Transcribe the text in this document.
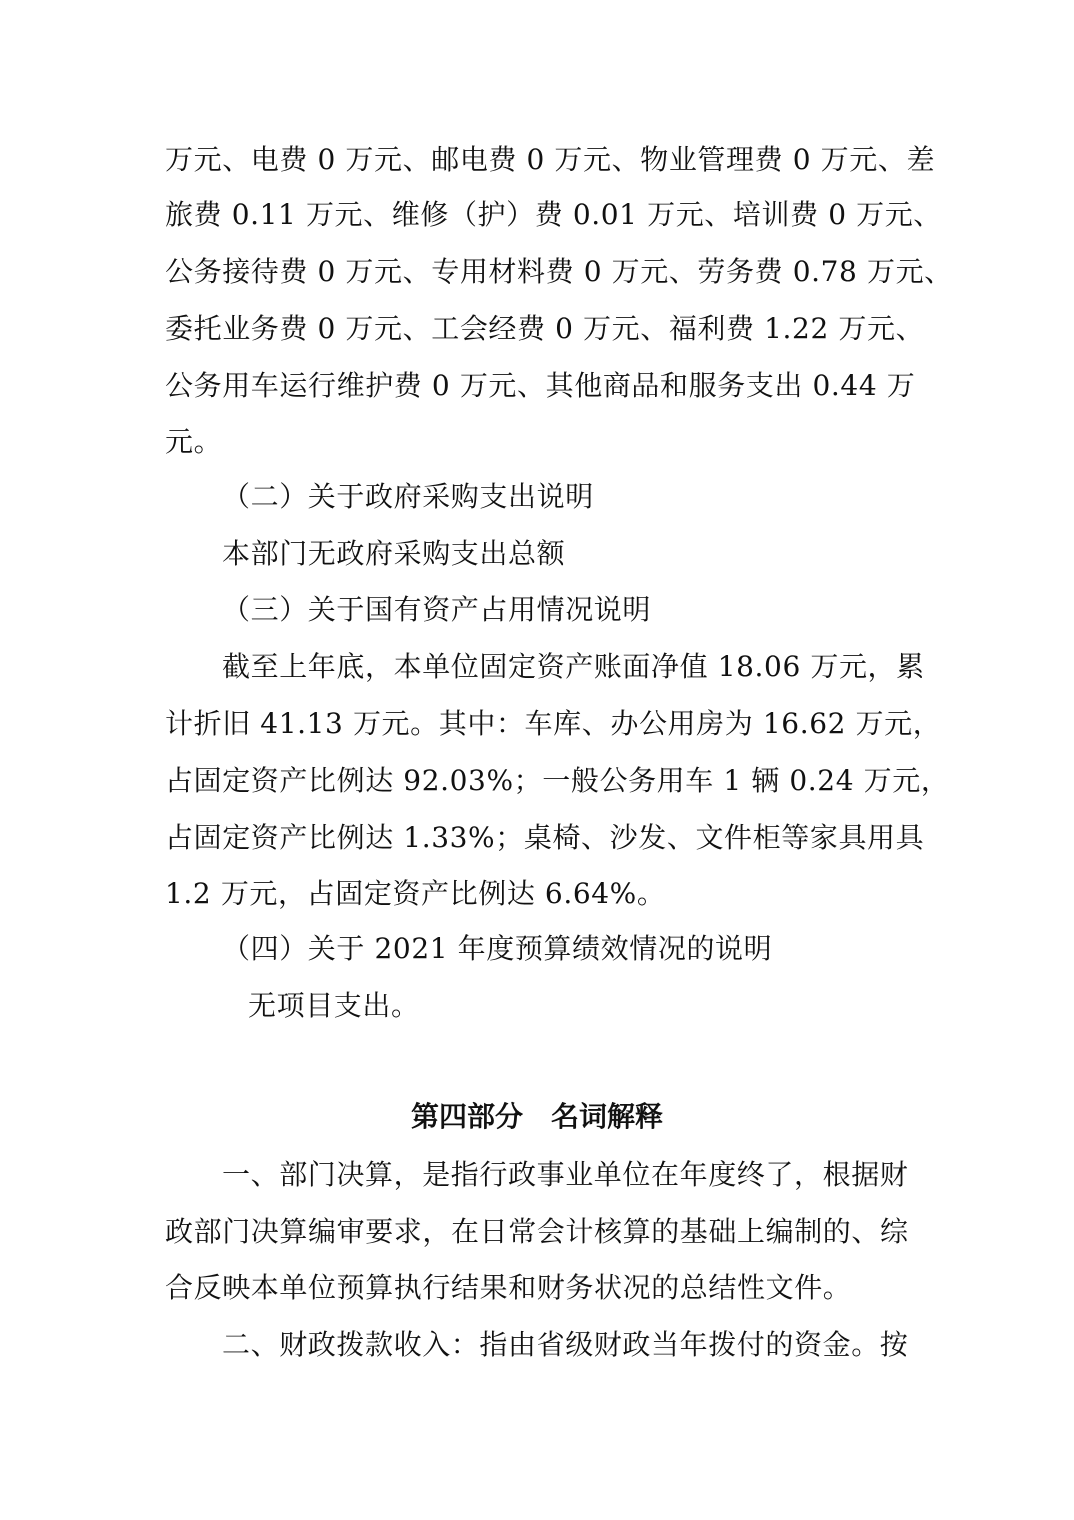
万元、电费 0 万元、邮电费 0 万元、物业管理费 0 万元、差
旅费 0.11 万元、维修（护）费 0.01 万元、培训费 0 万元、
公务接待费 0 万元、专用材料费 0 万元、劳务费 0.78 万元、
委托业务费 0 万元、工会经费 0 万元、福利费 1.22 万元、
公务用车运行维护费 0 万元、其他商品和服务支出 0.44 万
元。
（二）关于政府采购支出说明
本部门无政府采购支出总额
（三）关于国有资产占用情况说明
截至上年底，本单位固定资产账面净值 18.06 万元，累
计折旧 41.13 万元。其中：车库、办公用房为 16.62 万元，
占固定资产比例达 92.03%；一般公务用车 1 辆 0.24 万元，
占固定资产比例达 1.33%；桌椅、沙发、文件柜等家具用具
1.2 万元，占固定资产比例达 6.64%。
（四）关于 2021 年度预算绩效情况的说明
无项目支出。
第四部分　名词解释
一、部门决算，是指行政事业单位在年度终了，根据财
政部门决算编审要求，在日常会计核算的基础上编制的、综
合反映本单位预算执行结果和财务状况的总结性文件。
二、财政拨款收入：指由省级财政当年拨付的资金。按
